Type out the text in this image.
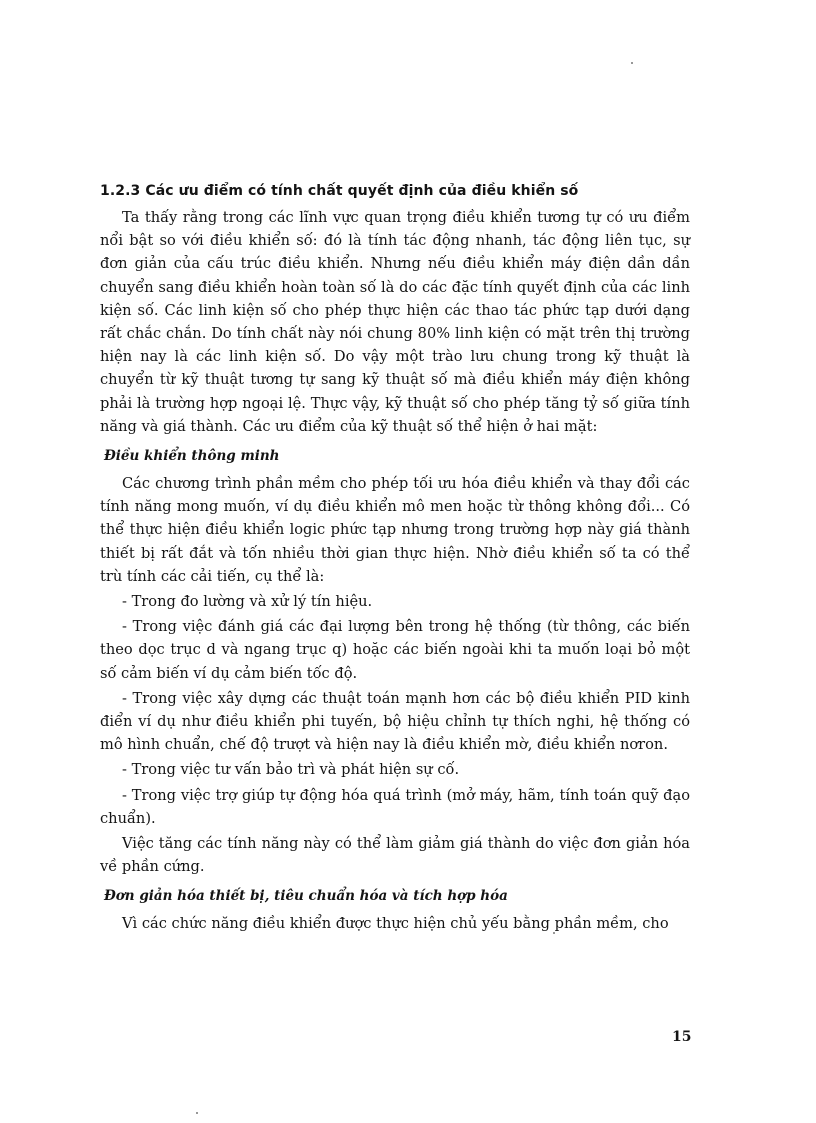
1.2.3 Các ưu điểm có tính chất quyết định của điều khiển số

Ta thấy rằng trong các lĩnh vực quan trọng điều khiển tương tự có ưu điểm nổi bật so với điều khiển số: đó là tính tác động nhanh, tác động liên tục, sự đơn giản của cấu trúc điều khiển. Nhưng nếu điều khiển máy điện dần dần chuyển sang điều khiển hoàn toàn số là do các đặc tính quyết định của các linh kiện số. Các linh kiện số cho phép thực hiện các thao tác phức tạp dưới dạng rất chắc chắn. Do tính chất này nói chung 80% linh kiện có mặt trên thị trường hiện nay là các linh kiện số. Do vậy một trào lưu chung trong kỹ thuật là chuyển từ kỹ thuật tương tự sang kỹ thuật số mà điều khiển máy điện không phải là trường hợp ngoại lệ. Thực vậy, kỹ thuật số cho phép tăng tỷ số giữa tính năng và giá thành. Các ưu điểm của kỹ thuật số thể hiện ở hai mặt:

Điều khiển thông minh

Các chương trình phần mềm cho phép tối ưu hóa điều khiển và thay đổi các tính năng mong muốn, ví dụ điều khiển mô men hoặc từ thông không đổi... Có thể thực hiện điều khiển logic phức tạp nhưng trong trường hợp này giá thành thiết bị rất đắt và tốn nhiều thời gian thực hiện. Nhờ điều khiển số ta có thể trù tính các cải tiến, cụ thể là:

- Trong đo lường và xử lý tín hiệu.

- Trong việc đánh giá các đại lượng bên trong hệ thống (từ thông, các biến theo dọc trục d và ngang trục q) hoặc các biến ngoài khi ta muốn loại bỏ một số cảm biến ví dụ cảm biến tốc độ.

- Trong việc xây dựng các thuật toán mạnh hơn các bộ điều khiển PID kinh điển ví dụ như điều khiển phi tuyến, bộ hiệu chỉnh tự thích nghi, hệ thống có mô hình chuẩn, chế độ trượt và hiện nay là điều khiển mờ, điều khiển nơron.

- Trong việc tư vấn bảo trì và phát hiện sự cố.

- Trong việc trợ giúp tự động hóa quá trình (mở máy, hãm, tính toán quỹ đạo chuẩn).

Việc tăng các tính năng này có thể làm giảm giá thành do việc đơn giản hóa về phần cứng.

Đơn giản hóa thiết bị, tiêu chuẩn hóa và tích hợp hóa

Vì các chức năng điều khiển được thực hiện chủ yếu bằng phần mềm, cho

15
